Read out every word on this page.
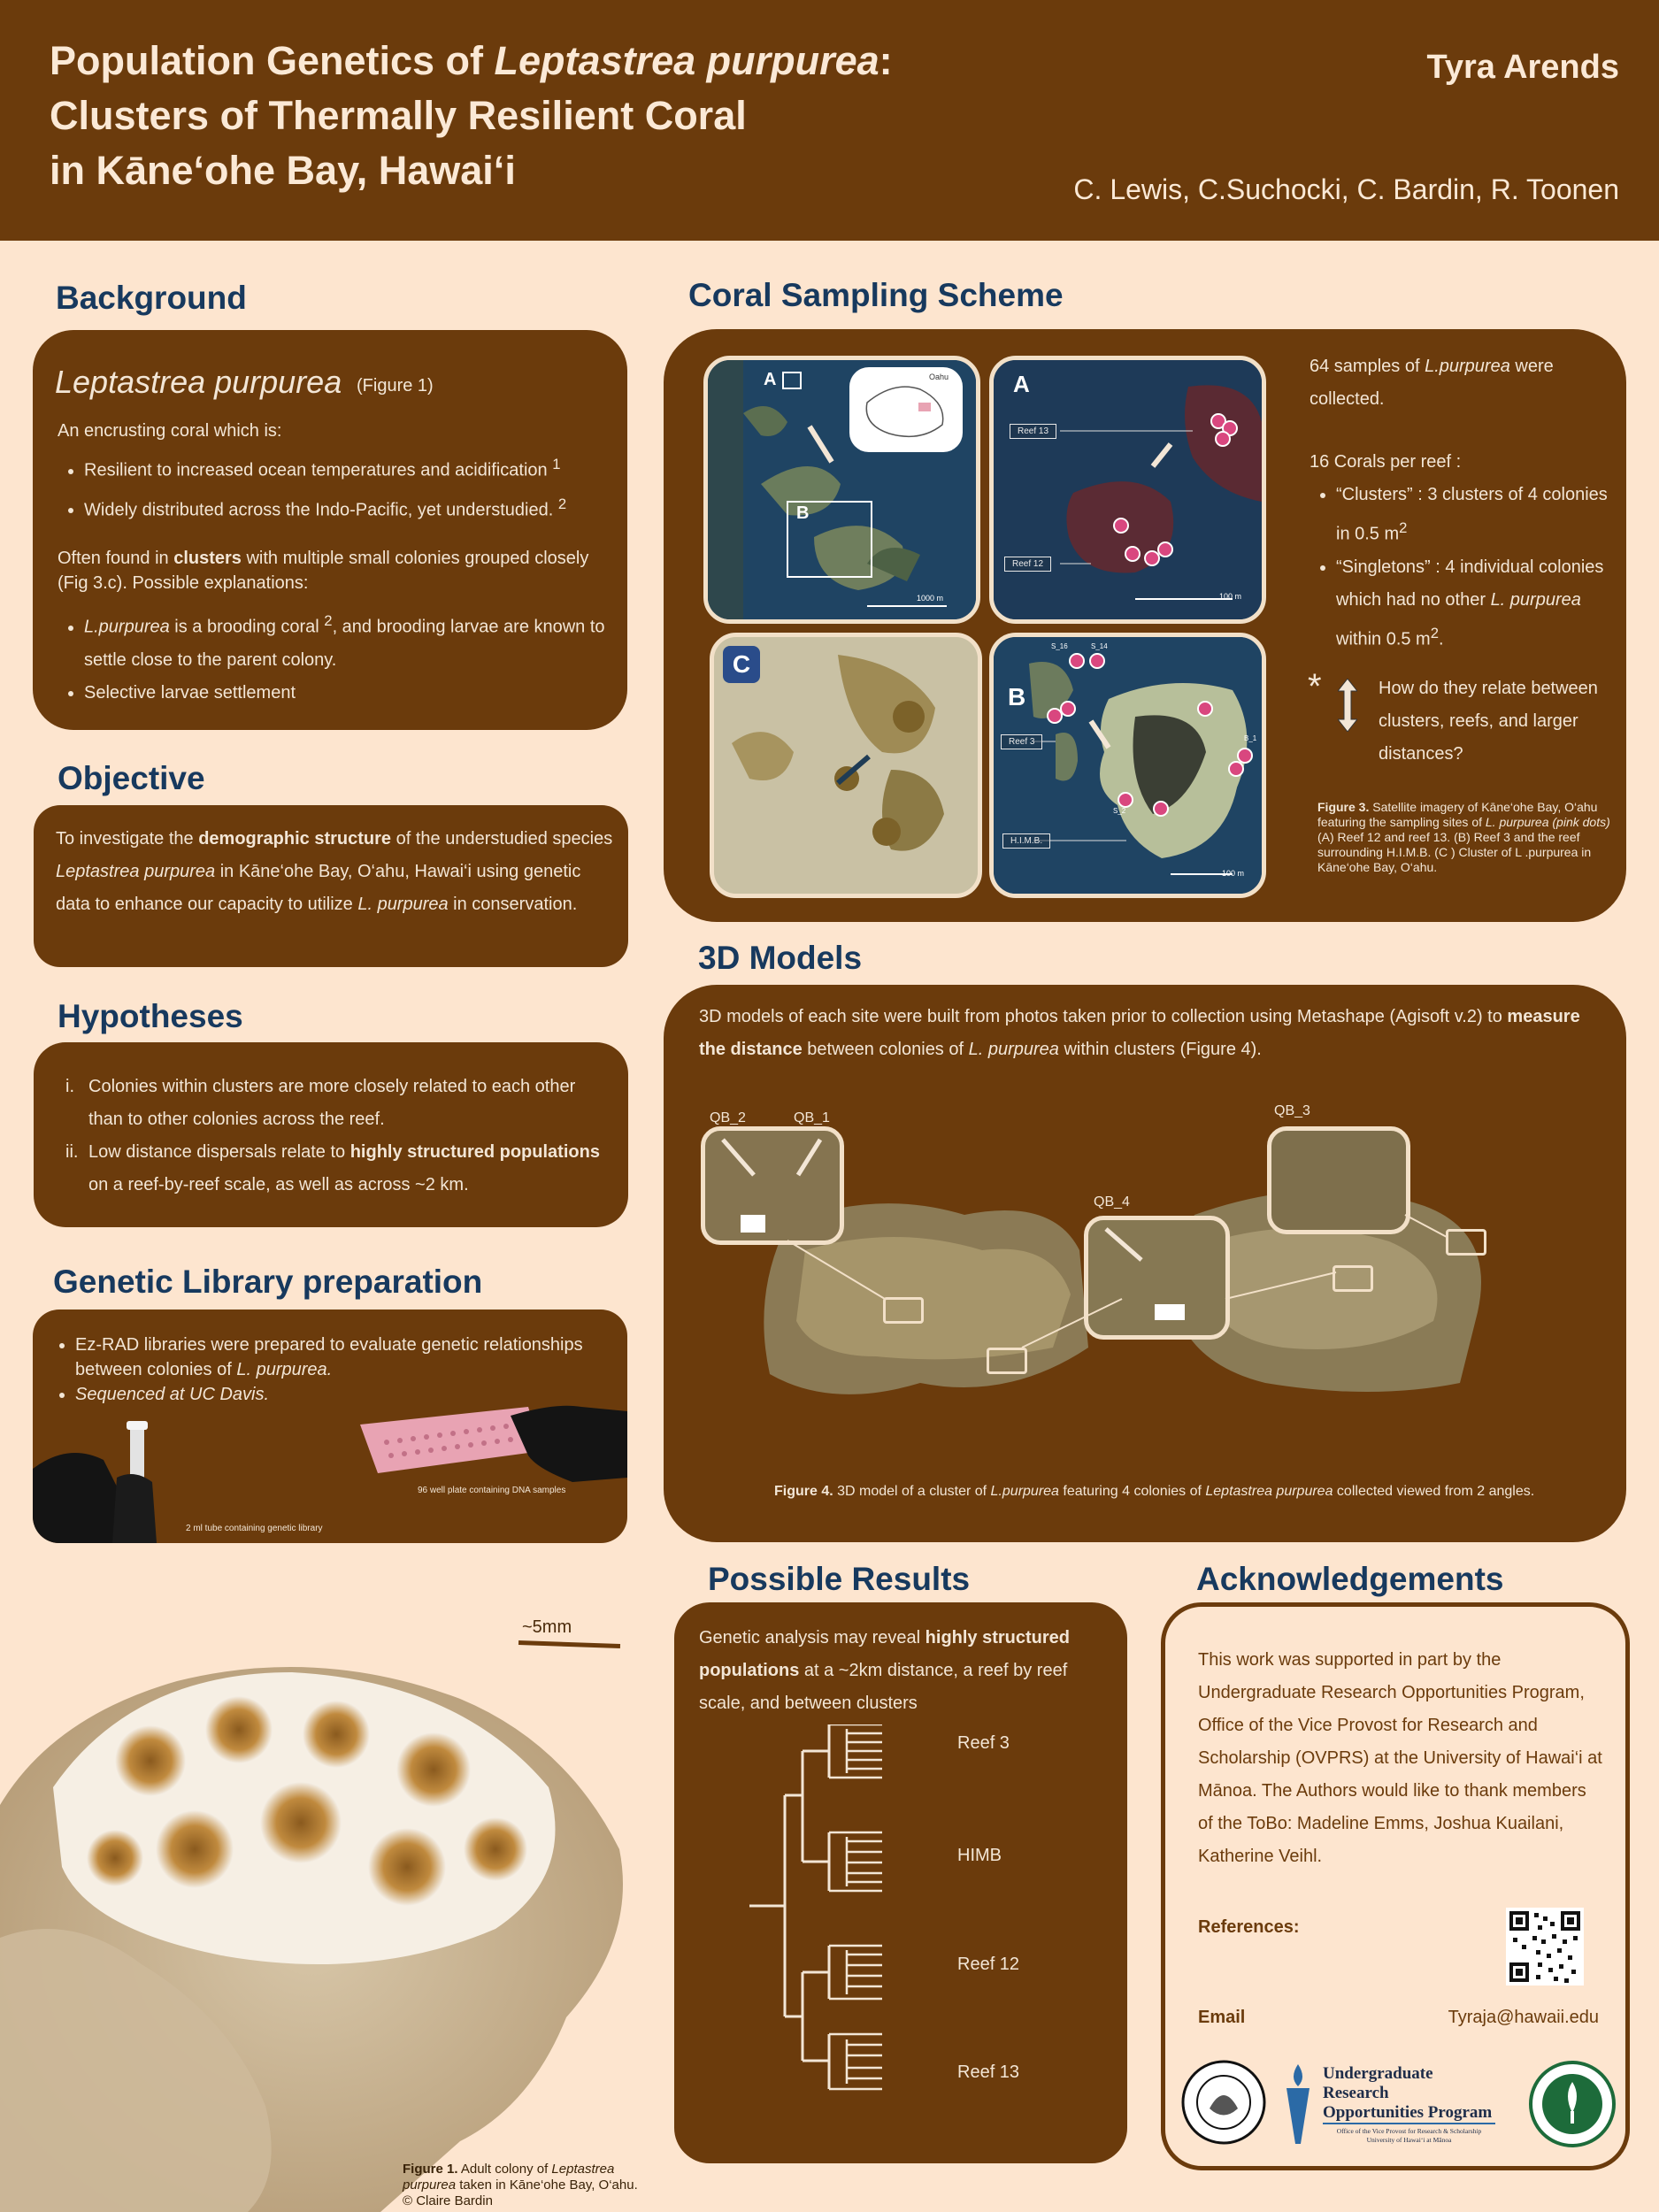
Population Genetics of Leptastrea purpurea:
Clusters of Thermally Resilient Coral
in Kāne‘ohe Bay, Hawai‘i
Tyra Arends
C. Lewis, C.Suchocki, C. Bardin, R. Toonen
Background
Leptastrea purpurea (Figure 1)
An encrusting coral which is:
• Resilient to increased ocean temperatures and acidification $^1$
• Widely distributed across the Indo-Pacific, yet understudied. $^2$
Often found in clusters with multiple small colonies grouped closely (Fig 3.c). Possible explanations:
• L.purpurea is a brooding coral $^2$, and brooding larvae are known to settle close to the parent colony.
• Selective larvae settlement
Objective
To investigate the demographic structure of the understudied species Leptastrea purpurea in Kāne‘ohe Bay, O‘ahu, Hawai‘i using genetic data to enhance our capacity to utilize L. purpurea in conservation.
Hypotheses
i. Colonies within clusters are more closely related to each other than to other colonies across the reef.
ii. Low distance dispersals relate to highly structured populations on a reef-by-reef scale, as well as across ~2 km.
Genetic Library preparation
• Ez-RAD libraries were prepared to evaluate genetic relationships between colonies of L. purpurea.
• Sequenced at UC Davis.
96 well plate containing DNA samples
2 ml tube containing genetic library
~5mm
Figure 1. Adult colony of Leptastrea purpurea taken in Kāne‘ohe Bay, O‘ahu.
© Claire Bardin
Coral Sampling Scheme
Oahu
A
B
1000 m
A
Reef 13
Reef 12
100 m
C
B
Reef 3
H.I.M.B.
S_16	S_14
B_1
S_2
100 m
64 samples of L.purpurea were collected.
16 Corals per reef :
• “Clusters” : 3 clusters of 4 colonies in 0.5 $m^2$
• “Singletons” : 4 individual colonies which had no other L. purpurea within 0.5 $m^2$.
*	How do they relate between clusters, reefs, and larger distances?
Figure 3. Satellite imagery of Kāne‘ohe Bay, O‘ahu featuring the sampling sites of L. purpurea (pink dots) (A) Reef 12 and reef 13. (B) Reef 3 and the reef surrounding H.I.M.B. (C ) Cluster of L .purpurea in Kāne‘ohe Bay, O‘ahu.
3D Models
3D models of each site were built from photos taken prior to collection using Metashape (Agisoft v.2) to measure the distance between colonies of L. purpurea within clusters (Figure 4).
QB_2	QB_1
QB_4
QB_3
Figure 4. 3D model of a cluster of L.purpurea featuring 4 colonies of Leptastrea purpurea collected viewed from 2 angles.
Possible Results
Genetic analysis may reveal highly structured populations at a ~2km distance, a reef by reef scale, and between clusters
Reef 3
HIMB
Reef 12
Reef 13
Acknowledgements
This work was supported in part by the Undergraduate Research Opportunities Program, Office of the Vice Provost for Research and Scholarship (OVPRS) at the University of Hawai‘i at Mānoa. The Authors would like to thank members of the ToBo: Madeline Emms, Joshua Kuailani, Katherine Veihl.
References:
Email	Tyraja@hawaii.edu
Undergraduate Research
Opportunities Program
Office of the Vice Provost for Research & Scholarship
University of Hawai‘i at Mānoa
